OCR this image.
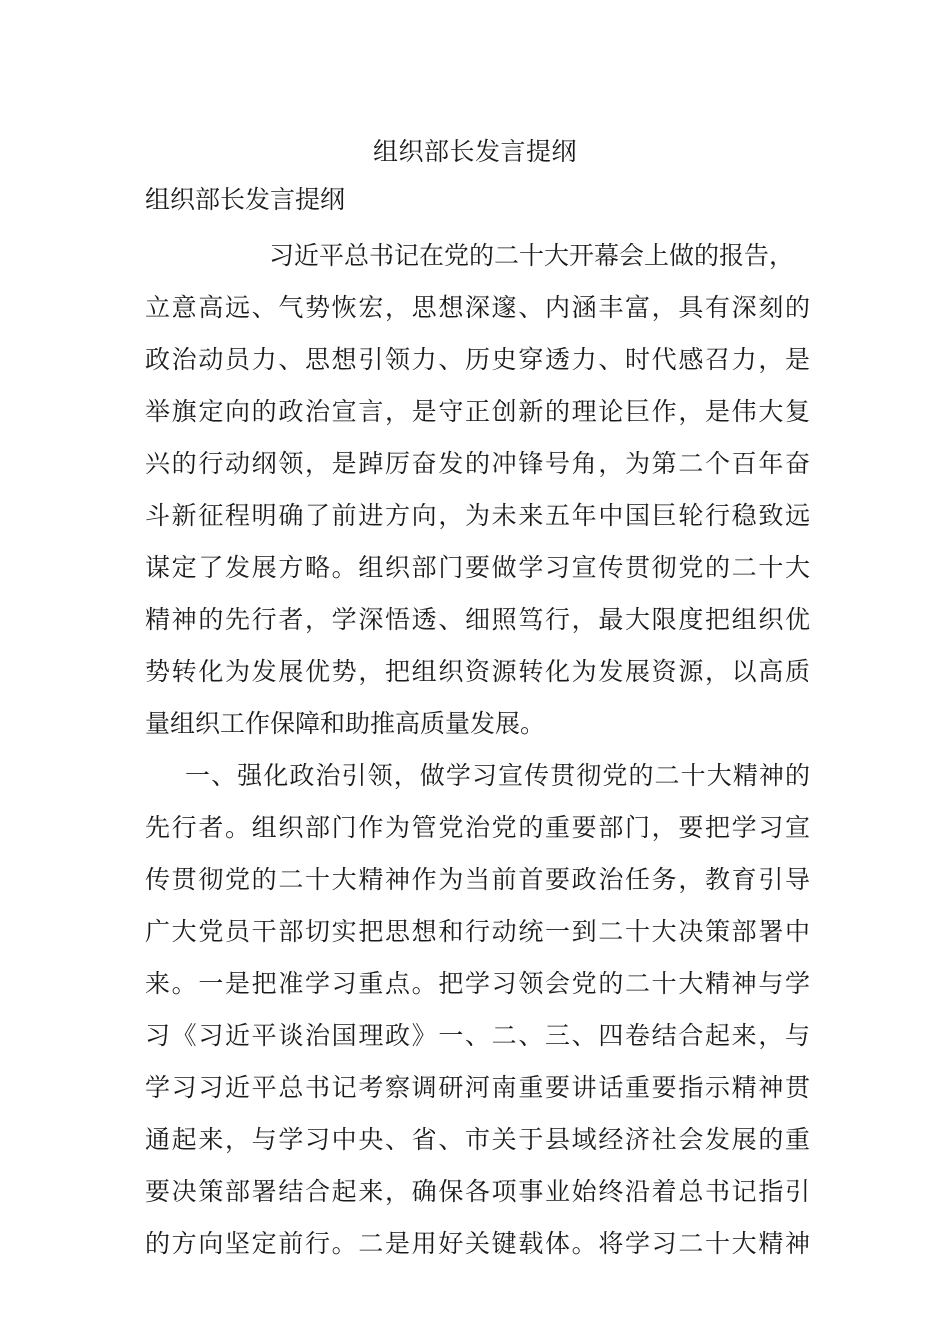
组织部长发言提纲
组织部长发言提纲
习近平总书记在党的二十大开幕会上做的报告，
立意高远、气势恢宏，思想深邃、内涵丰富，具有深刻的
政治动员力、思想引领力、历史穿透力、时代感召力，是
举旗定向的政治宣言，是守正创新的理论巨作，是伟大复
兴的行动纲领，是踔厉奋发的冲锋号角，为第二个百年奋
斗新征程明确了前进方向，为未来五年中国巨轮行稳致远
谋定了发展方略。组织部门要做学习宣传贯彻党的二十大
精神的先行者，学深悟透、细照笃行，最大限度把组织优
势转化为发展优势，把组织资源转化为发展资源，以高质
量组织工作保障和助推高质量发展。
一、强化政治引领，做学习宣传贯彻党的二十大精神的
先行者。组织部门作为管党治党的重要部门，要把学习宣
传贯彻党的二十大精神作为当前首要政治任务，教育引导
广大党员干部切实把思想和行动统一到二十大决策部署中
来。一是把准学习重点。把学习领会党的二十大精神与学
习《习近平谈治国理政》一、二、三、四卷结合起来，与
学习习近平总书记考察调研河南重要讲话重要指示精神贯
通起来，与学习中央、省、市关于县域经济社会发展的重
要决策部署结合起来，确保各项事业始终沿着总书记指引
的方向坚定前行。二是用好关键载体。将学习二十大精神
